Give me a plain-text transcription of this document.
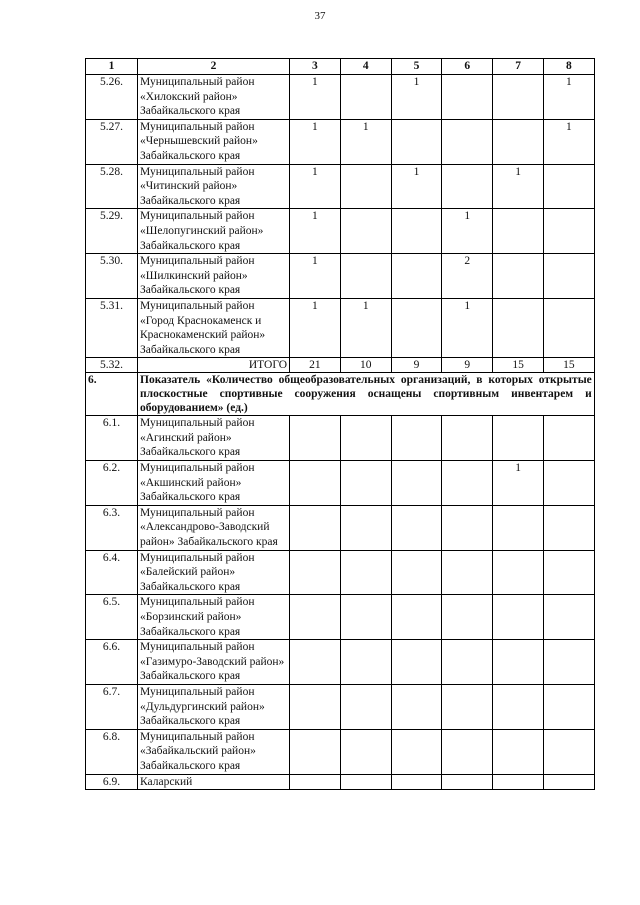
37
1	2	3	4	5	6	7	8
5.26.	Муниципальный район «Хилокский район» Забайкальского края	1		1			1
5.27.	Муниципальный район «Чернышевский район» Забайкальского края	1	1				1
5.28.	Муниципальный район «Читинский район» Забайкальского края	1		1		1	
5.29.	Муниципальный район «Шелопугинский район» Забайкальского края	1			1		
5.30.	Муниципальный район «Шилкинский район» Забайкальского края	1			2		
5.31.	Муниципальный район «Город Краснокаменск и Краснокаменский район» Забайкальского края	1	1		1		
5.32.	ИТОГО	21	10	9	9	15	15
6.	Показатель «Количество общеобразовательных организаций, в которых открытые плоскостные спортивные сооружения оснащены спортивным инвентарем и оборудованием» (ед.)						
6.1.	Муниципальный район «Агинский район» Забайкальского края						
6.2.	Муниципальный район «Акшинский район» Забайкальского края					1	
6.3.	Муниципальный район «Александрово-Заводский район» Забайкальского края						
6.4.	Муниципальный район «Балейский район» Забайкальского края						
6.5.	Муниципальный район «Борзинский район» Забайкальского края						
6.6.	Муниципальный район «Газимуро-Заводский район» Забайкальского края						
6.7.	Муниципальный район «Дульдургинский район» Забайкальского края						
6.8.	Муниципальный район «Забайкальский район» Забайкальского края						
6.9.	Каларский						
